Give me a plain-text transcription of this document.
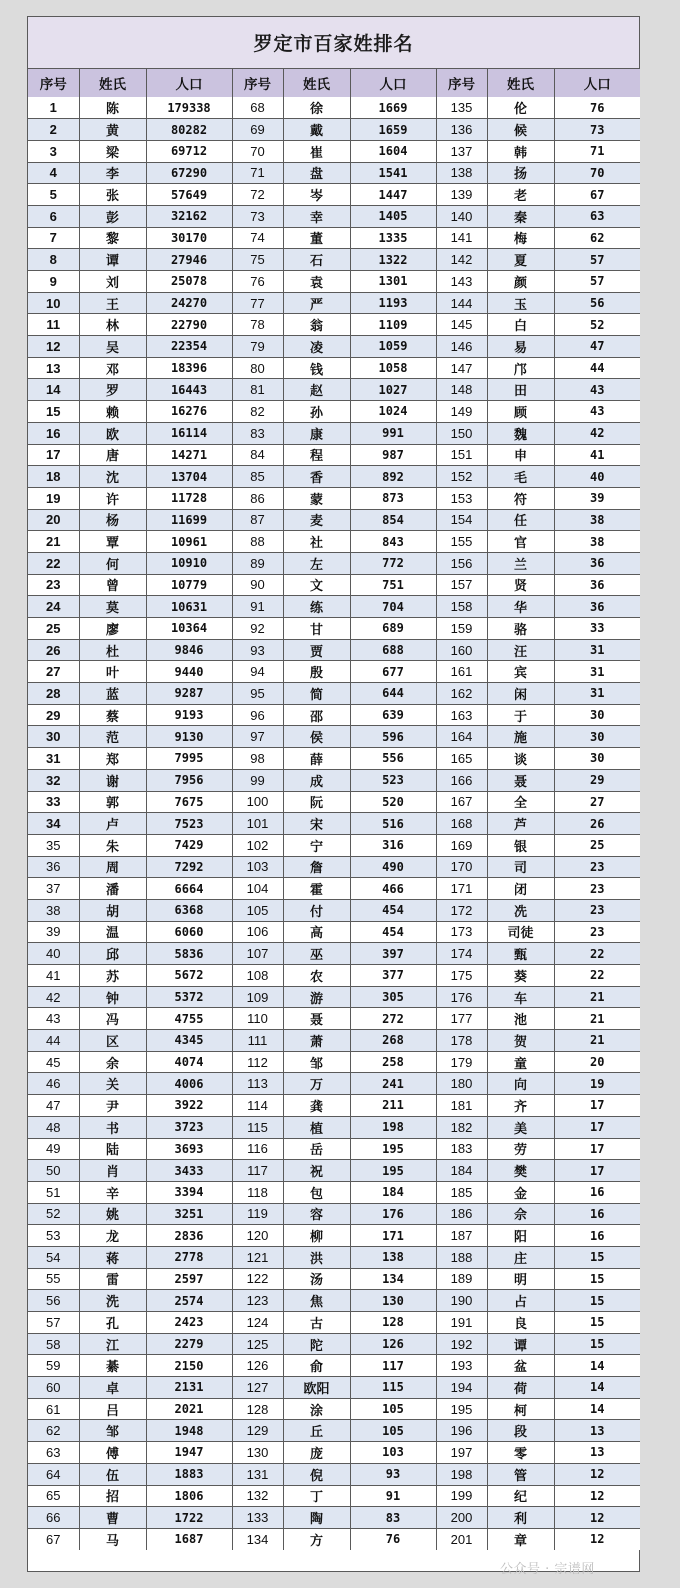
罗定市百家姓排名
序号	姓氏	人口	序号	姓氏	人口	序号	姓氏	人口
1	陈	179338	68	徐	1669	135	伦	76
2	黄	80282	69	戴	1659	136	候	73
3	梁	69712	70	崔	1604	137	韩	71
4	李	67290	71	盘	1541	138	扬	70
5	张	57649	72	岑	1447	139	老	67
6	彭	32162	73	幸	1405	140	秦	63
7	黎	30170	74	董	1335	141	梅	62
8	谭	27946	75	石	1322	142	夏	57
9	刘	25078	76	袁	1301	143	颜	57
10	王	24270	77	严	1193	144	玉	56
11	林	22790	78	翁	1109	145	白	52
12	吴	22354	79	凌	1059	146	易	47
13	邓	18396	80	钱	1058	147	邝	44
14	罗	16443	81	赵	1027	148	田	43
15	赖	16276	82	孙	1024	149	顾	43
16	欧	16114	83	康	991	150	魏	42
17	唐	14271	84	程	987	151	申	41
18	沈	13704	85	香	892	152	毛	40
19	许	11728	86	蒙	873	153	符	39
20	杨	11699	87	麦	854	154	任	38
21	覃	10961	88	社	843	155	官	38
22	何	10910	89	左	772	156	兰	36
23	曾	10779	90	文	751	157	贤	36
24	莫	10631	91	练	704	158	华	36
25	廖	10364	92	甘	689	159	骆	33
26	杜	9846	93	贾	688	160	汪	31
27	叶	9440	94	殷	677	161	宾	31
28	蓝	9287	95	简	644	162	闲	31
29	蔡	9193	96	邵	639	163	于	30
30	范	9130	97	侯	596	164	施	30
31	郑	7995	98	薛	556	165	谈	30
32	谢	7956	99	成	523	166	聂	29
33	郭	7675	100	阮	520	167	全	27
34	卢	7523	101	宋	516	168	芦	26
35	朱	7429	102	宁	316	169	银	25
36	周	7292	103	詹	490	170	司	23
37	潘	6664	104	霍	466	171	闭	23
38	胡	6368	105	付	454	172	冼	23
39	温	6060	106	高	454	173	司徒	23
40	邱	5836	107	巫	397	174	甄	22
41	苏	5672	108	农	377	175	葵	22
42	钟	5372	109	游	305	176	车	21
43	冯	4755	110	聂	272	177	池	21
44	区	4345	111	萧	268	178	贺	21
45	余	4074	112	邹	258	179	童	20
46	关	4006	113	万	241	180	向	19
47	尹	3922	114	龚	211	181	齐	17
48	书	3723	115	植	198	182	美	17
49	陆	3693	116	岳	195	183	劳	17
50	肖	3433	117	祝	195	184	樊	17
51	辛	3394	118	包	184	185	金	16
52	姚	3251	119	容	176	186	佘	16
53	龙	2836	120	柳	171	187	阳	16
54	蒋	2778	121	洪	138	188	庄	15
55	雷	2597	122	汤	134	189	明	15
56	洗	2574	123	焦	130	190	占	15
57	孔	2423	124	古	128	191	良	15
58	江	2279	125	陀	126	192	谭	15
59	綦	2150	126	俞	117	193	盆	14
60	卓	2131	127	欧阳	115	194	荷	14
61	吕	2021	128	涂	105	195	柯	14
62	邹	1948	129	丘	105	196	段	13
63	傅	1947	130	庞	103	197	零	13
64	伍	1883	131	倪	93	198	管	12
65	招	1806	132	丁	91	199	纪	12
66	曹	1722	133	陶	83	200	利	12
67	马	1687	134	方	76	201	章	12
公众号 · 宗谱网
